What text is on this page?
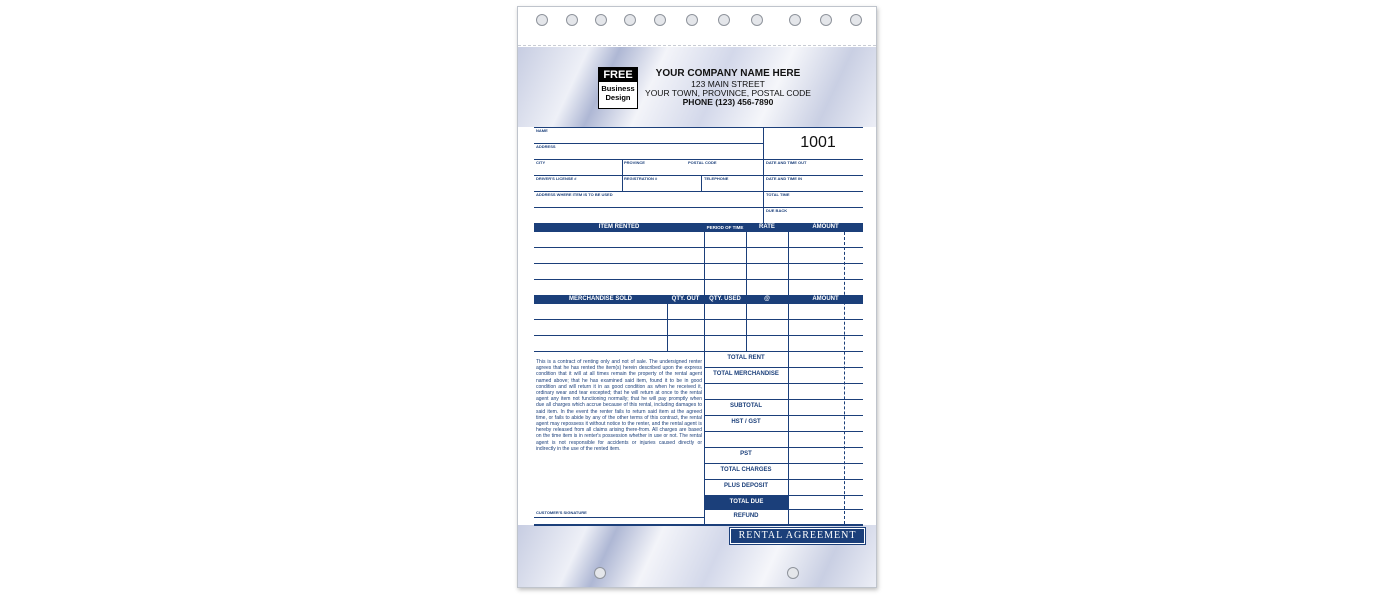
FREE
Business
Design
YOUR COMPANY NAME HERE
123 MAIN STREET
YOUR TOWN, PROVINCE, POSTAL CODE
PHONE (123) 456-7890
1001
NAME
ADDRESS
CITY	PROVINCE	POSTAL CODE	DATE AND TIME OUT
DRIVER'S LICENSE #	REGISTRATION #	TELEPHONE	DATE AND TIME IN
ADDRESS WHERE ITEM IS TO BE USED	TOTAL TIME
DUE BACK
ITEM RENTED	PERIOD OF TIME	RATE	AMOUNT
MERCHANDISE SOLD	QTY. OUT	QTY. USED	@	AMOUNT
This is a contract of renting only and not of sale. The undersigned renter agrees that he has rented the item(s) herein described upon the express condition that it will at all times remain the property of the rental agent named above; that he has examined said item, found it to be in good condition and will return it in as good condition as when he received it, ordinary wear and tear excepted; that he will return at once to the rental agent any item not functioning normally; that he will pay promptly when due all charges which accrue because of this rental, including damages to said item. In the event the renter fails to return said item at the agreed time, or fails to abide by any of the other terms of this contract, the rental agent may repossess it without notice to the renter, and the rental agent is hereby released from all claims arising there-from. All charges are based on the time item is in renter's possession whether in use or not. The rental agent is not responsible for accidents or injuries caused directly or indirectly in the use of the rented item.
TOTAL RENT
TOTAL MERCHANDISE
SUBTOTAL
HST / GST
PST
TOTAL CHARGES
PLUS DEPOSIT
TOTAL DUE
REFUND
CUSTOMER'S SIGNATURE
RENTAL AGREEMENT
